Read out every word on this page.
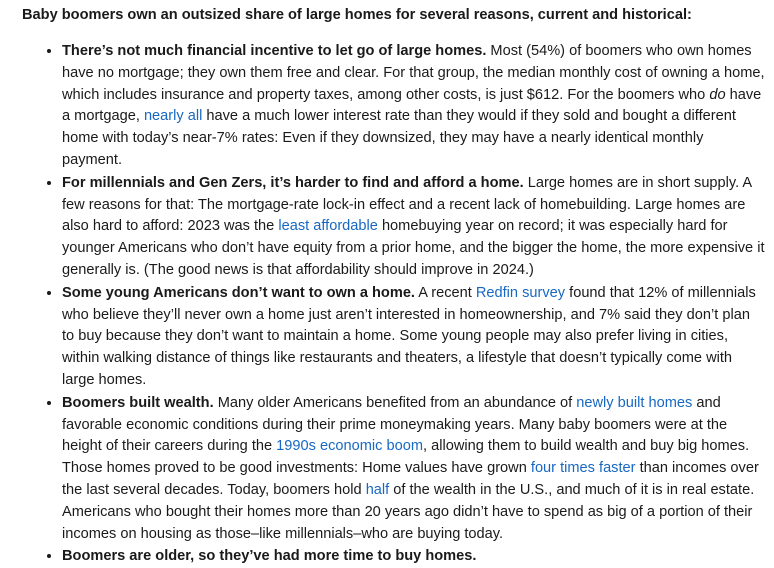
Baby boomers own an outsized share of large homes for several reasons, current and historical:

• There’s not much financial incentive to let go of large homes. Most (54%) of boomers who own homes have no mortgage; they own them free and clear. For that group, the median monthly cost of owning a home, which includes insurance and property taxes, among other costs, is just $612. For the boomers who do have a mortgage, nearly all have a much lower interest rate than they would if they sold and bought a different home with today’s near-7% rates: Even if they downsized, they may have a nearly identical monthly payment.
• For millennials and Gen Zers, it’s harder to find and afford a home. Large homes are in short supply. A few reasons for that: The mortgage-rate lock-in effect and a recent lack of homebuilding. Large homes are also hard to afford: 2023 was the least affordable homebuying year on record; it was especially hard for younger Americans who don’t have equity from a prior home, and the bigger the home, the more expensive it generally is. (The good news is that affordability should improve in 2024.)
• Some young Americans don’t want to own a home. A recent Redfin survey found that 12% of millennials who believe they’ll never own a home just aren’t interested in homeownership, and 7% said they don’t plan to buy because they don’t want to maintain a home. Some young people may also prefer living in cities, within walking distance of things like restaurants and theaters, a lifestyle that doesn’t typically come with large homes.
• Boomers built wealth. Many older Americans benefited from an abundance of newly built homes and favorable economic conditions during their prime moneymaking years. Many baby boomers were at the height of their careers during the 1990s economic boom, allowing them to build wealth and buy big homes. Those homes proved to be good investments: Home values have grown four times faster than incomes over the last several decades. Today, boomers hold half of the wealth in the U.S., and much of it is in real estate. Americans who bought their homes more than 20 years ago didn’t have to spend as big of a portion of their incomes on housing as those–like millennials–who are buying today.
• Boomers are older, so they’ve had more time to buy homes.
